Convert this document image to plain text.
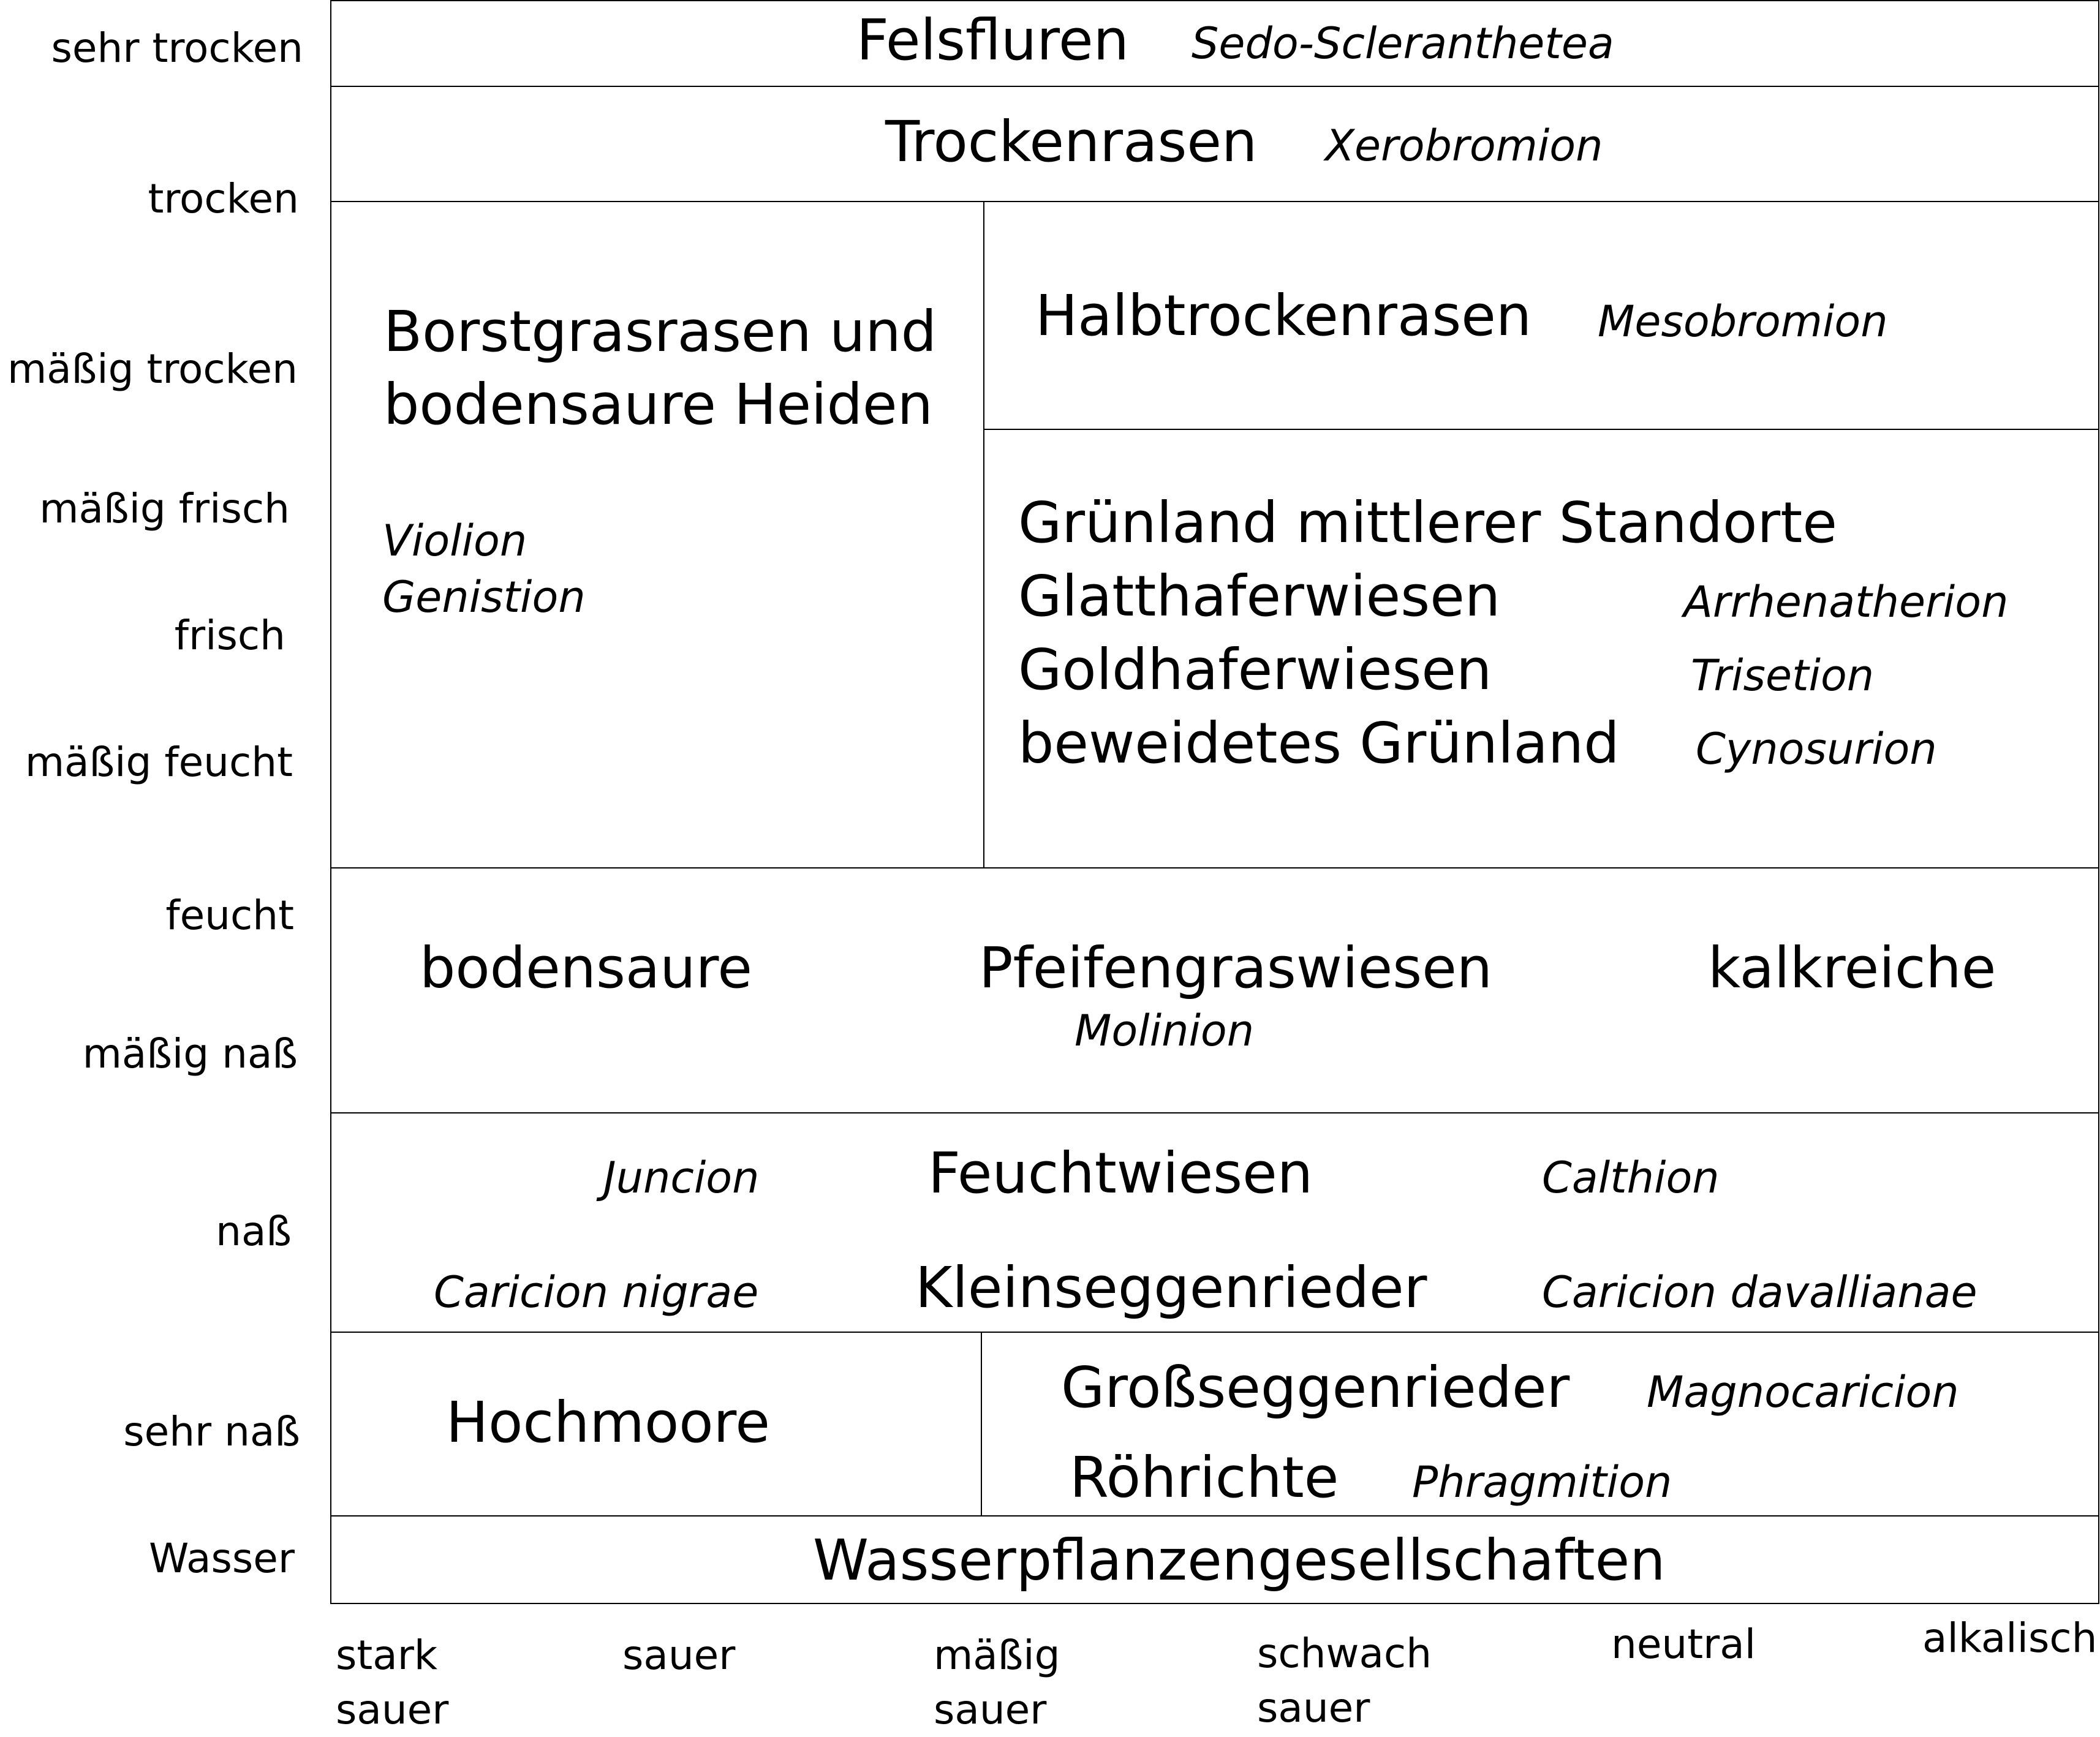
sehr trocken
trocken
mäßig trocken
mäßig frisch
frisch
mäßig feucht
feucht
mäßig naß
naß
sehr naß
Wasser
stark
sauer
sauer	mäßig
sauer
schwach
sauer
neutral	alkalisch
Felsfluren Sedo-Scleranthetea
Trockenrasen Xerobromion
Borstgrasrasen und
bodensaure Heiden
Violion
Genistion
Halbtrockenrasen Mesobromion
Grünland mittlerer Standorte
Glatthaferwiesen	Arrhenatherion
Goldhaferwiesen	Trisetion
beweidetes Grünland Cynosurion
bodensaure	Pfeifengraswiesen	kalkreiche
Molinion
Juncion	Feuchtwiesen	Calthion
Caricion nigrae	Kleinseggenrieder	Caricion davallianae
Hochmoore
Großseggenrieder Magnocaricion
Röhrichte Phragmition
Wasserpflanzengesellschaften
